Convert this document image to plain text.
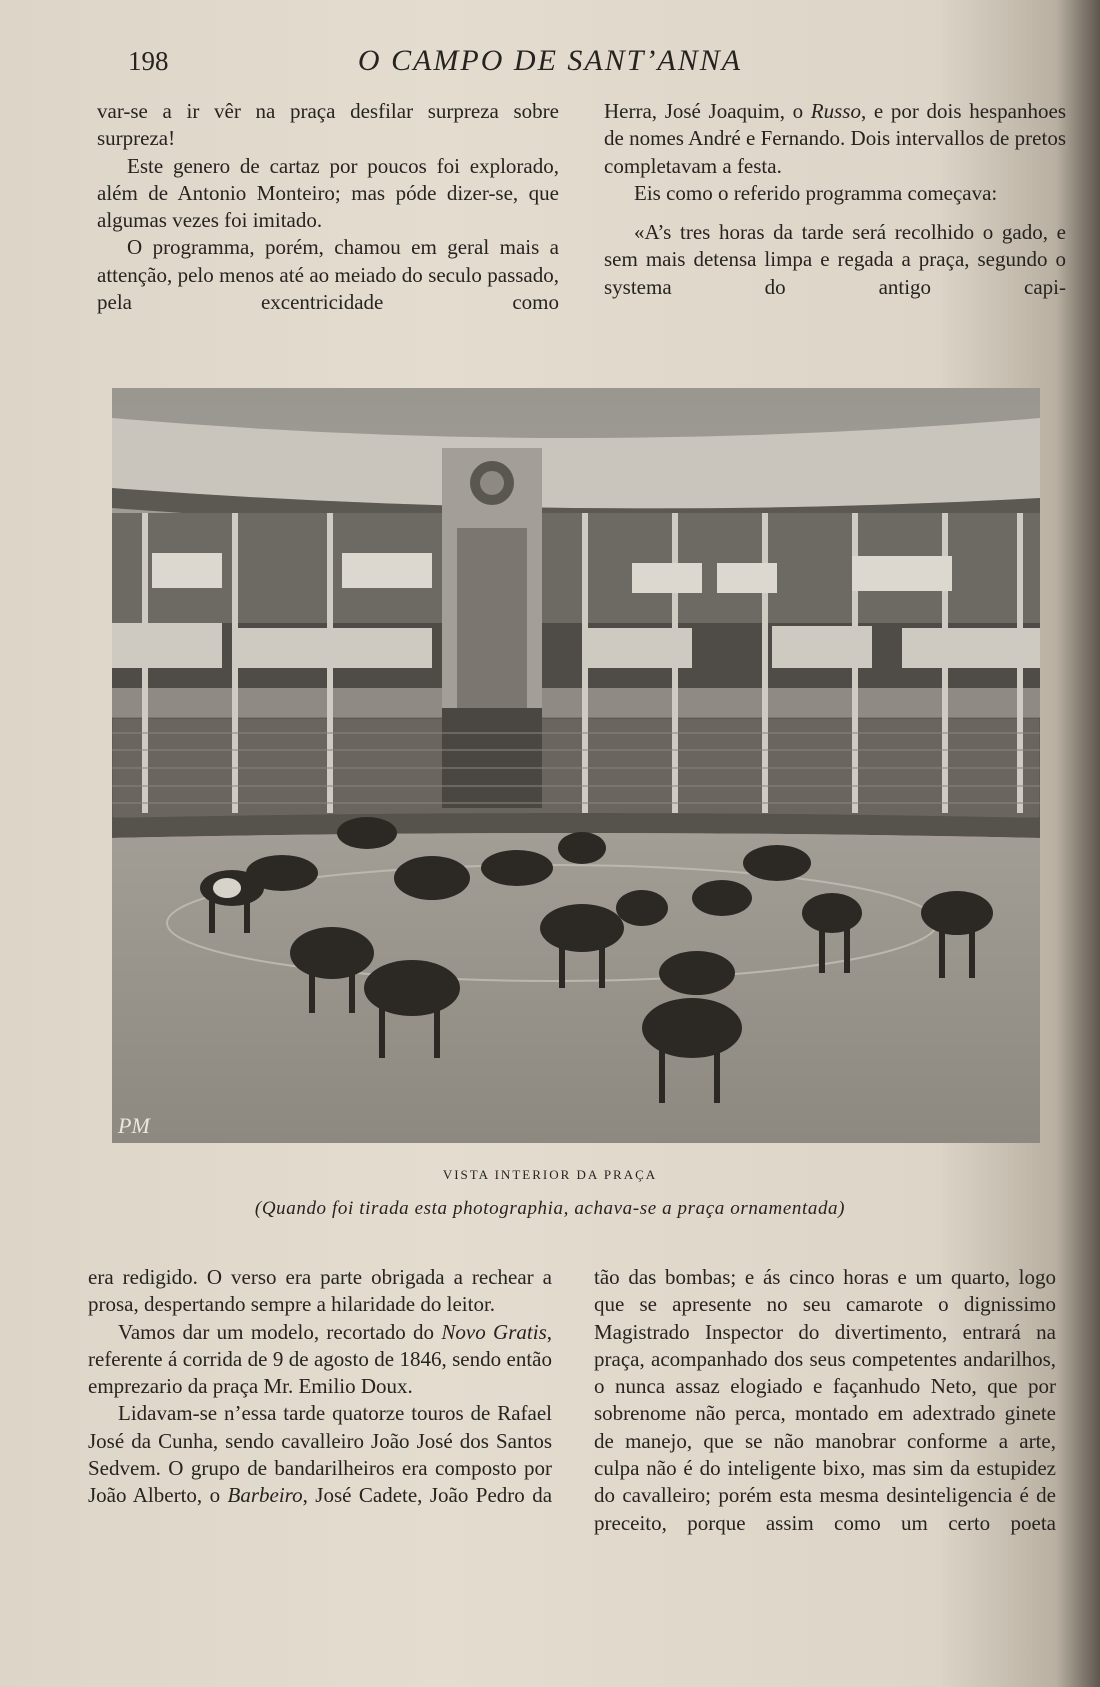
198	O CAMPO DE SANT’ANNA

var-se a ir vêr na praça desfilar surpreza sobre surpreza!

Este genero de cartaz por poucos foi explorado, além de Antonio Monteiro; mas póde dizer-se, que algumas vezes foi imitado.

O programma, porém, chamou em geral mais a attenção, pelo menos até ao meiado do seculo passado, pela excentricidade como

Herra, José Joaquim, o Russo, e por dois hespanhoes de nomes André e Fernando. Dois intervallos de pretos completavam a festa.

Eis como o referido programma começava:

«A’s tres horas da tarde será recolhido o gado, e sem mais detensa limpa e regada a praça, segundo o systema do antigo capi-

PM
VISTA INTERIOR DA PRAÇA
(Quando foi tirada esta photographia, achava-se a praça ornamentada)

era redigido. O verso era parte obrigada a rechear a prosa, despertando sempre a hilaridade do leitor.

Vamos dar um modelo, recortado do Novo Gratis, referente á corrida de 9 de agosto de 1846, sendo então emprezario da praça Mr. Emilio Doux.

Lidavam-se n’essa tarde quatorze touros de Rafael José da Cunha, sendo cavalleiro João José dos Santos Sedvem. O grupo de bandarilheiros era composto por João Alberto, o Barbeiro, José Cadete, João Pedro da

tão das bombas; e ás cinco horas e um quarto, logo que se apresente no seu camarote o dignissimo Magistrado Inspector do divertimento, entrará na praça, acompanhado dos seus competentes andarilhos, o nunca assaz elogiado e façanhudo Neto, que por sobrenome não perca, montado em adextrado ginete de manejo, que se não manobrar conforme a arte, culpa não é do inteligente bixo, mas sim da estupidez do cavalleiro; porém esta mesma desinteligencia é de preceito, porque assim como um certo poeta
